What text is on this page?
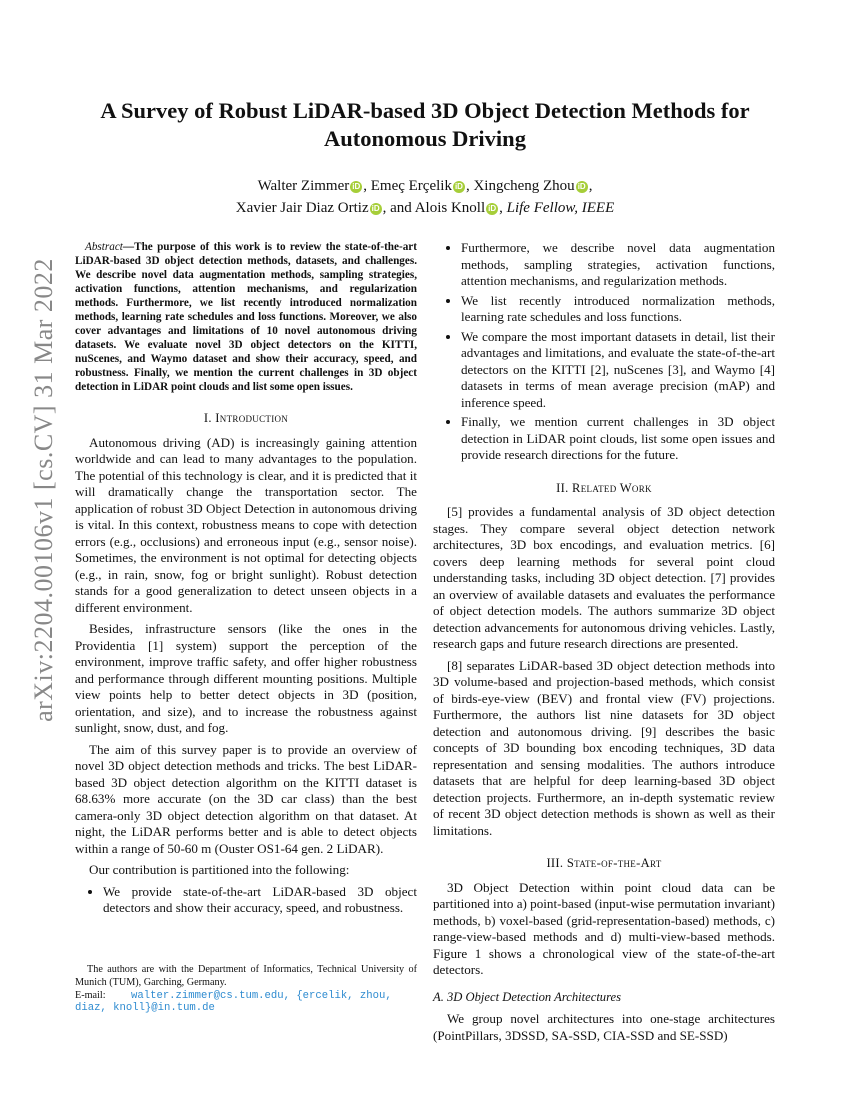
arXiv:2204.00106v1 [cs.CV] 31 Mar 2022
A Survey of Robust LiDAR-based 3D Object Detection Methods for Autonomous Driving
Walter Zimmer iD , Emeç Erçelik iD , Xingcheng Zhou iD ,
Xavier Jair Diaz Ortiz iD , and Alois Knoll iD , Life Fellow, IEEE
Abstract—The purpose of this work is to review the state-of-the-art LiDAR-based 3D object detection methods, datasets, and challenges. We describe novel data augmentation methods, sampling strategies, activation functions, attention mechanisms, and regularization methods. Furthermore, we list recently introduced normalization methods, learning rate schedules and loss functions. Moreover, we also cover advantages and limitations of 10 novel autonomous driving datasets. We evaluate novel 3D object detectors on the KITTI, nuScenes, and Waymo dataset and show their accuracy, speed, and robustness. Finally, we mention the current challenges in 3D object detection in LiDAR point clouds and list some open issues.
I. Introduction

Autonomous driving (AD) is increasingly gaining attention worldwide and can lead to many advantages to the population. The potential of this technology is clear, and it is predicted that it will dramatically change the transportation sector. The application of robust 3D Object Detection in autonomous driving is vital. In this context, robustness means to cope with detection errors (e.g., occlusions) and erroneous input (e.g., sensor noise). Sometimes, the environment is not optimal for detecting objects (e.g., in rain, snow, fog or bright sunlight). Robust detection stands for a good generalization to detect unseen objects in a different environment.

Besides, infrastructure sensors (like the ones in the Providentia [1] system) support the perception of the environment, improve traffic safety, and offer higher robustness and performance through different mounting positions. Multiple view points help to better detect objects in 3D (position, orientation, and size), and to increase the robustness against sunlight, snow, dust, and fog.

The aim of this survey paper is to provide an overview of novel 3D object detection methods and tricks. The best LiDAR-based 3D object detection algorithm on the KITTI dataset is 68.63% more accurate (on the 3D car class) than the best camera-only 3D object detection algorithm on that dataset. At night, the LiDAR performs better and is able to detect objects within a range of 50-60 m (Ouster OS1-64 gen. 2 LiDAR).

Our contribution is partitioned into the following:

• We provide state-of-the-art LiDAR-based 3D object detectors and show their accuracy, speed, and robustness.
The authors are with the Department of Informatics, Technical University of Munich (TUM), Garching, Germany.
E-mail: walter.zimmer@cs.tum.edu, {ercelik, zhou, diaz, knoll}@in.tum.de
• Furthermore, we describe novel data augmentation methods, sampling strategies, activation functions, attention mechanisms, and regularization methods.
• We list recently introduced normalization methods, learning rate schedules and loss functions.
• We compare the most important datasets in detail, list their advantages and limitations, and evaluate the state-of-the-art detectors on the KITTI [2], nuScenes [3], and Waymo [4] datasets in terms of mean average precision (mAP) and inference speed.
• Finally, we mention current challenges in 3D object detection in LiDAR point clouds, list some open issues and provide research directions for the future.
II. Related Work

[5] provides a fundamental analysis of 3D object detection stages. They compare several object detection network architectures, 3D box encodings, and evaluation metrics. [6] covers deep learning methods for several point cloud understanding tasks, including 3D object detection. [7] provides an overview of available datasets and evaluates the performance of object detection models. The authors summarize 3D object detection advancements for autonomous driving vehicles. Lastly, research gaps and future research directions are presented.

[8] separates LiDAR-based 3D object detection methods into 3D volume-based and projection-based methods, which consist of birds-eye-view (BEV) and frontal view (FV) projections. Furthermore, the authors list nine datasets for 3D object detection and autonomous driving. [9] describes the basic concepts of 3D bounding box encoding techniques, 3D data representation and sensing modalities. The authors introduce datasets that are helpful for deep learning-based 3D object detection projects. Furthermore, an in-depth systematic review of recent 3D object detection methods is shown as well as their limitations.

III. State-of-the-Art

3D Object Detection within point cloud data can be partitioned into a) point-based (input-wise permutation invariant) methods, b) voxel-based (grid-representation-based) methods, c) range-view-based methods and d) multi-view-based methods. Figure 1 shows a chronological view of the state-of-the-art detectors.

A. 3D Object Detection Architectures

We group novel architectures into one-stage architectures (PointPillars, 3DSSD, SA-SSD, CIA-SSD and SE-SSD)
